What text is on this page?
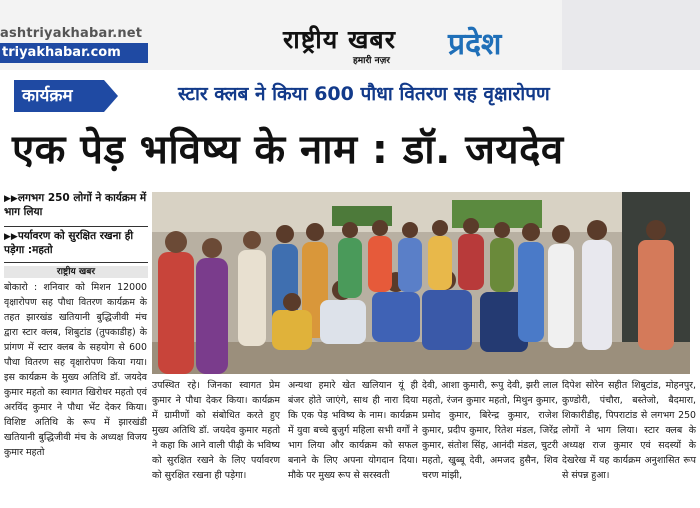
ashtriyakhabar.net
triyakhabar.com	राष्ट्रीय खबर
हमारी नज़र प्रदेश
कार्यक्रम	स्टार क्लब ने किया 600 पौधा वितरण सह वृक्षारोपण
एक पेड़ भविष्य के नाम : डॉ. जयदेव
▶▶लगभग 250 लोगों ने कार्यक्रम में भाग लिया
▶▶पर्यावरण को सुरक्षित रखना ही पड़ेगा :महतो
राष्ट्रीय खबर

बोकारो : शनिवार को मिशन 12000 वृक्षारोपण सह पौधा वितरण कार्यक्रम के तहत झारखंड खतियानी बुद्धिजीवी मंच द्वारा स्टार क्लब, शिबुटांड (तुपकाडीह) के प्रांगण में स्टार क्लब के सहयोग से 600 पौधा वितरण सह वृक्षारोपण किया गया। इस कार्यक्रम के मुख्य अतिथि डॉ. जयदेव कुमार महतो का स्वागत खिरोधर महतो एवं अरविंद कुमार ने पौधा भेंट देकर किया। विशिष्ट अतिथि के रूप में झारखंडी खतियानी बुद्धिजीवी मंच के अध्यक्ष विजय कुमार महतो

उपस्थित रहे। जिनका स्वागत प्रेम कुमार ने पौधा देकर किया। कार्यक्रम में ग्रामीणों को संबोधित करते हुए मुख्य अतिथि डॉ. जयदेव कुमार महतो ने कहा कि आने वाली पीढ़ी के भविष्य को सुरक्षित रखने के लिए पर्यावरण को सुरक्षित रखना ही पड़ेगा।

अन्यथा हमारे खेत खलियान यूं ही बंजर होते जाएंगे, साथ ही नारा दिया कि एक पेड़ भविष्य के नाम। कार्यक्रम में युवा बच्चे बुजुर्ग महिला सभी वर्गों ने भाग लिया और कार्यक्रम को सफल बनाने के लिए अपना योगदान दिया। मौके पर मुख्य रूप से सरस्वती

देवी, आशा कुमारी, रूपु देवी, झरी लाल महतो, रंजन कुमार महतो, मिथुन कुमार, प्रमोद कुमार, बिरेन्द्र कुमार, राजेश कुमार, प्रदीप कुमार, रितेश मंडल, जिरेंद्र कुमार, संतोश सिंह, आनंदी मंडल, चुटरी महतो, खुब्बू देवी, अमजद हुसैन, शिव चरण मांझी,

दिपेश सोरेन सहीत शिबुटांड, मोहनपुर, कुण्डोरी, पंचौरा, बस्तेजो, बैदमारा, शिकारीडीह, पिपराटांड से लगभग 250 लोगों ने भाग लिया। स्टार क्लब के अध्यक्ष राज कुमार एवं सदस्यों के देखरेख में यह कार्यक्रम अनुशासित रूप से संपन्न हुआ।
